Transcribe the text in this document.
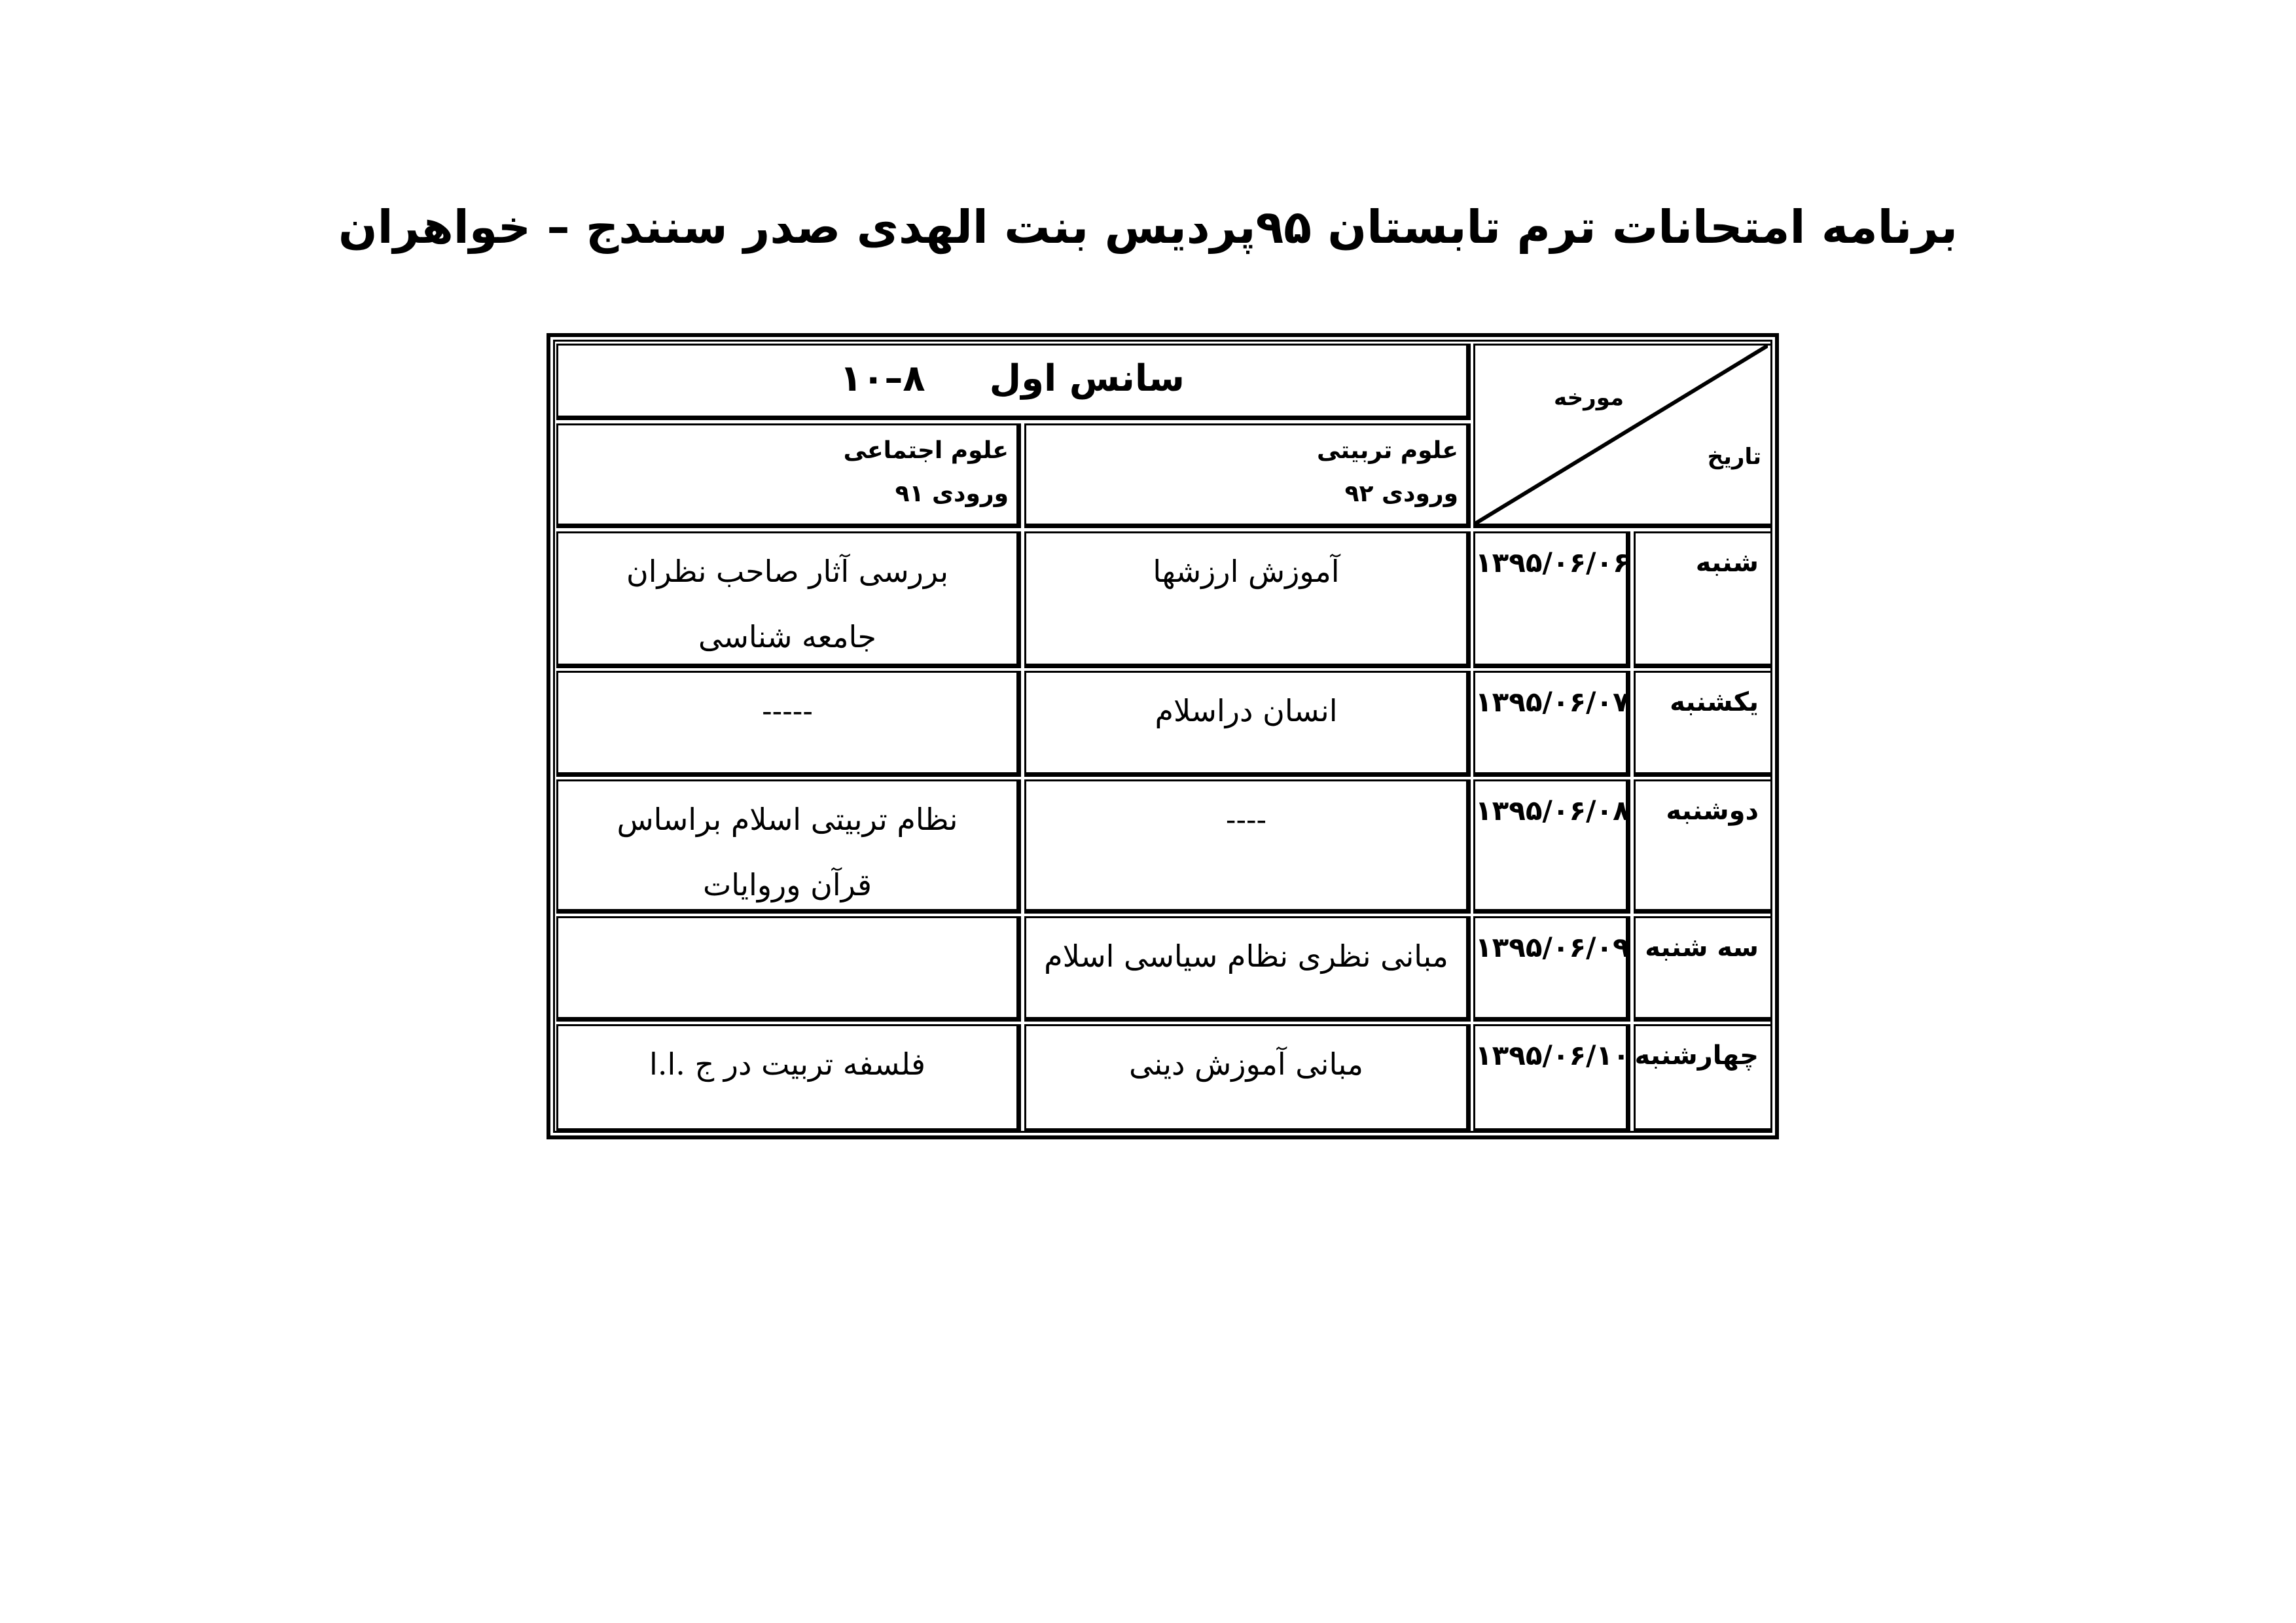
برنامه امتحانات ترم تابستان ۹۵پردیس بنت الهدی صدر سنندج – خواهران
سانس اول
۸–۱۰
علوم تربیتی
ورودی ۹۲
علوم اجتماعی
ورودی ۹۱
مورخه
تاریخ
شنبه
۱۳۹۵/۰۶/۰۶
آموزش ارزشها
بررسی آثار صاحب نظران جامعه شناسی
یکشنبه
۱۳۹۵/۰۶/۰۷
انسان دراسلام
-----
دوشنبه
۱۳۹۵/۰۶/۰۸
----
نظام تربیتی اسلام براساس قرآن وروایات
سه شنبه
۱۳۹۵/۰۶/۰۹
مبانی نظری نظام سیاسی اسلام
چهارشنبه
۱۳۹۵/۰۶/۱۰
مبانی آموزش دینی
فلسفه تربیت در ج .ا.ا
